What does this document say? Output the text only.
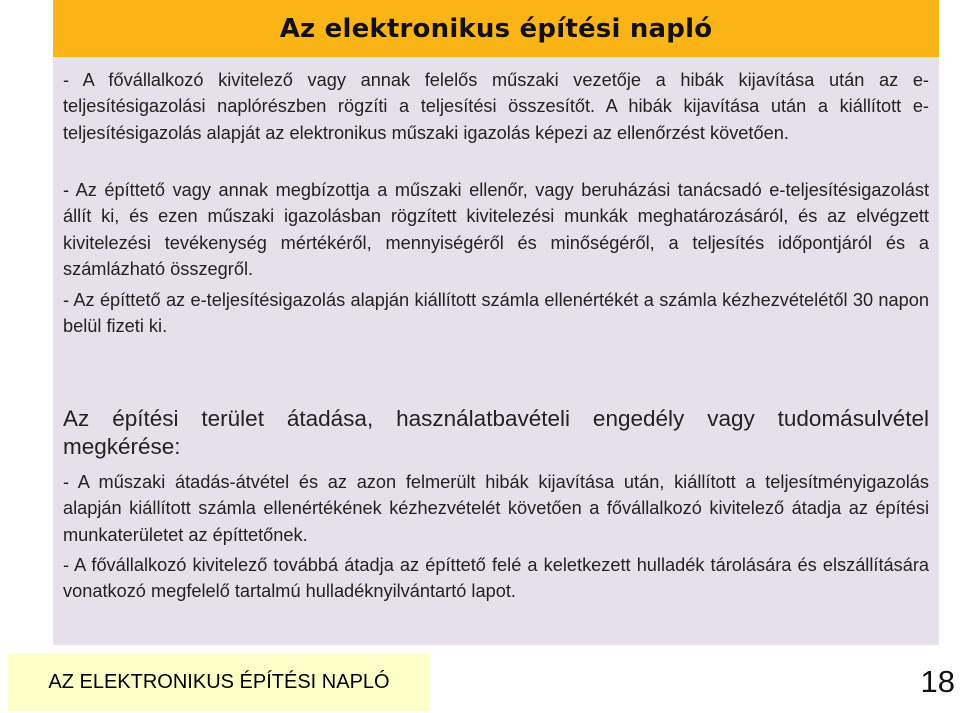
Az elektronikus építési napló

- A fővállalkozó kivitelező vagy annak felelős műszaki vezetője a hibák kijavítása után az e-teljesítésigazolási naplórészben rögzíti a teljesítési összesítőt. A hibák kijavítása után a kiállított e-teljesítésigazolás alapját az elektronikus műszaki igazolás képezi az ellenőrzést követően.

- Az építtető vagy annak megbízottja a műszaki ellenőr, vagy beruházási tanácsadó e-teljesítésigazolást állít ki, és ezen műszaki igazolásban rögzített kivitelezési munkák meghatározásáról, és az elvégzett kivitelezési tevékenység mértékéről, mennyiségéről és minőségéről, a teljesítés időpontjáról és a számlázható összegről.

- Az építtető az e-teljesítésigazolás alapján kiállított számla ellenértékét a számla kézhezvételétől 30 napon belül fizeti ki.

Az építési terület átadása, használatbavételi engedély vagy tudomásulvétel megkérése:

- A műszaki átadás-átvétel és az azon felmerült hibák kijavítása után, kiállított a teljesítményigazolás alapján kiállított számla ellenértékének kézhezvételét követően a fővállalkozó kivitelező átadja az építési munkaterületet az építtetőnek.

- A fővállalkozó kivitelező továbbá átadja az építtető felé a keletkezett hulladék tárolására és elszállítására vonatkozó megfelelő tartalmú hulladéknyilvántartó lapot.

AZ ELEKTRONIKUS ÉPÍTÉSI NAPLÓ	18
